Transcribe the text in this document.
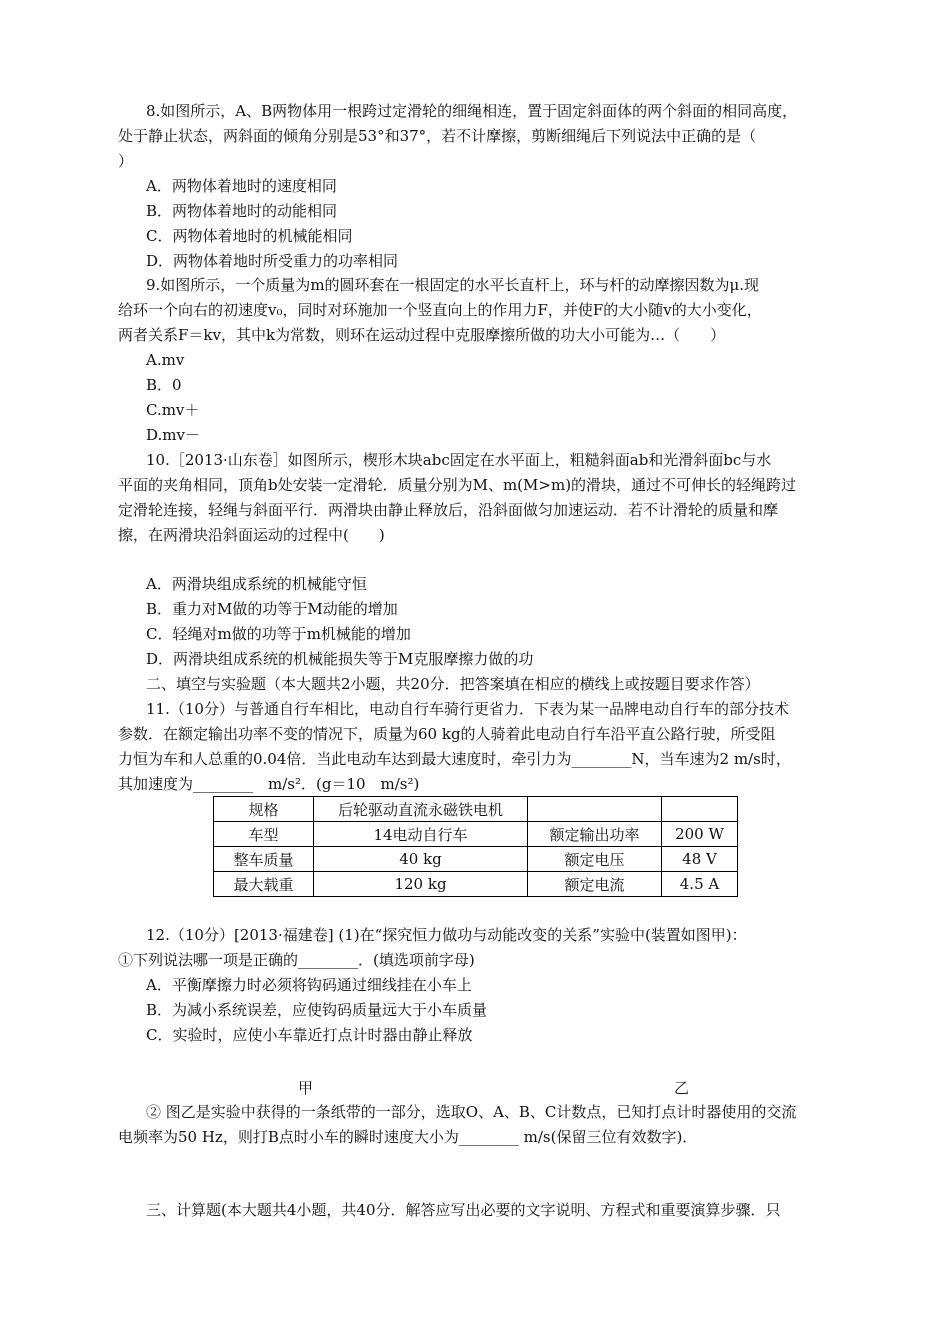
8.如图所示，A、B两物体用一根跨过定滑轮的细绳相连，置于固定斜面体的两个斜面的相同高度，
处于静止状态，两斜面的倾角分别是53°和37°，若不计摩擦，剪断细绳后下列说法中正确的是（
）
A．两物体着地时的速度相同
B．两物体着地时的动能相同
C．两物体着地时的机械能相同
D．两物体着地时所受重力的功率相同
9.如图所示，一个质量为m的圆环套在一根固定的水平长直杆上，环与杆的动摩擦因数为μ.现
给环一个向右的初速度v₀，同时对环施加一个竖直向上的作用力F，并使F的大小随v的大小变化，
两者关系F＝kv，其中k为常数，则环在运动过程中克服摩擦所做的功大小可能为…（　　）
A.mv
B．0
C.mv＋
D.mv－
10.［2013·山东卷］如图所示，楔形木块abc固定在水平面上，粗糙斜面ab和光滑斜面bc与水
平面的夹角相同，顶角b处安装一定滑轮．质量分别为M、m(M>m)的滑块，通过不可伸长的轻绳跨过
定滑轮连接，轻绳与斜面平行．两滑块由静止释放后，沿斜面做匀加速运动．若不计滑轮的质量和摩
擦，在两滑块沿斜面运动的过程中(　　)
A．两滑块组成系统的机械能守恒
B．重力对M做的功等于M动能的增加
C．轻绳对m做的功等于m机械能的增加
D．两滑块组成系统的机械能损失等于M克服摩擦力做的功
二、填空与实验题（本大题共2小题，共20分．把答案填在相应的横线上或按题目要求作答）
11.（10分）与普通自行车相比，电动自行车骑行更省力．下表为某一品牌电动自行车的部分技术
参数．在额定输出功率不变的情况下，质量为60 kg的人骑着此电动自行车沿平直公路行驶，所受阻
力恒为车和人总重的0.04倍．当此电动车达到最大速度时，牵引力为________N，当车速为2 m/s时，
其加速度为________　m/s²．(g＝10　m/s²)
规格	后轮驱动直流永磁铁电机		
车型	14电动自行车	额定输出功率	200 W
整车质量	40 kg	额定电压	48 V
最大载重	120 kg	额定电流	4.5 A
12.（10分）[2013·福建卷] (1)在“探究恒力做功与动能改变的关系”实验中(装置如图甲)：
①下列说法哪一项是正确的________．(填选项前字母)
A．平衡摩擦力时必须将钩码通过细线挂在小车上
B．为减小系统误差，应使钩码质量远大于小车质量
C．实验时，应使小车靠近打点计时器由静止释放
甲	乙
② 图乙是实验中获得的一条纸带的一部分，选取O、A、B、C计数点，已知打点计时器使用的交流
电频率为50 Hz，则打B点时小车的瞬时速度大小为________ m/s(保留三位有效数字)．
三、计算题(本大题共4小题，共40分．解答应写出必要的文字说明、方程式和重要演算步骤．只
